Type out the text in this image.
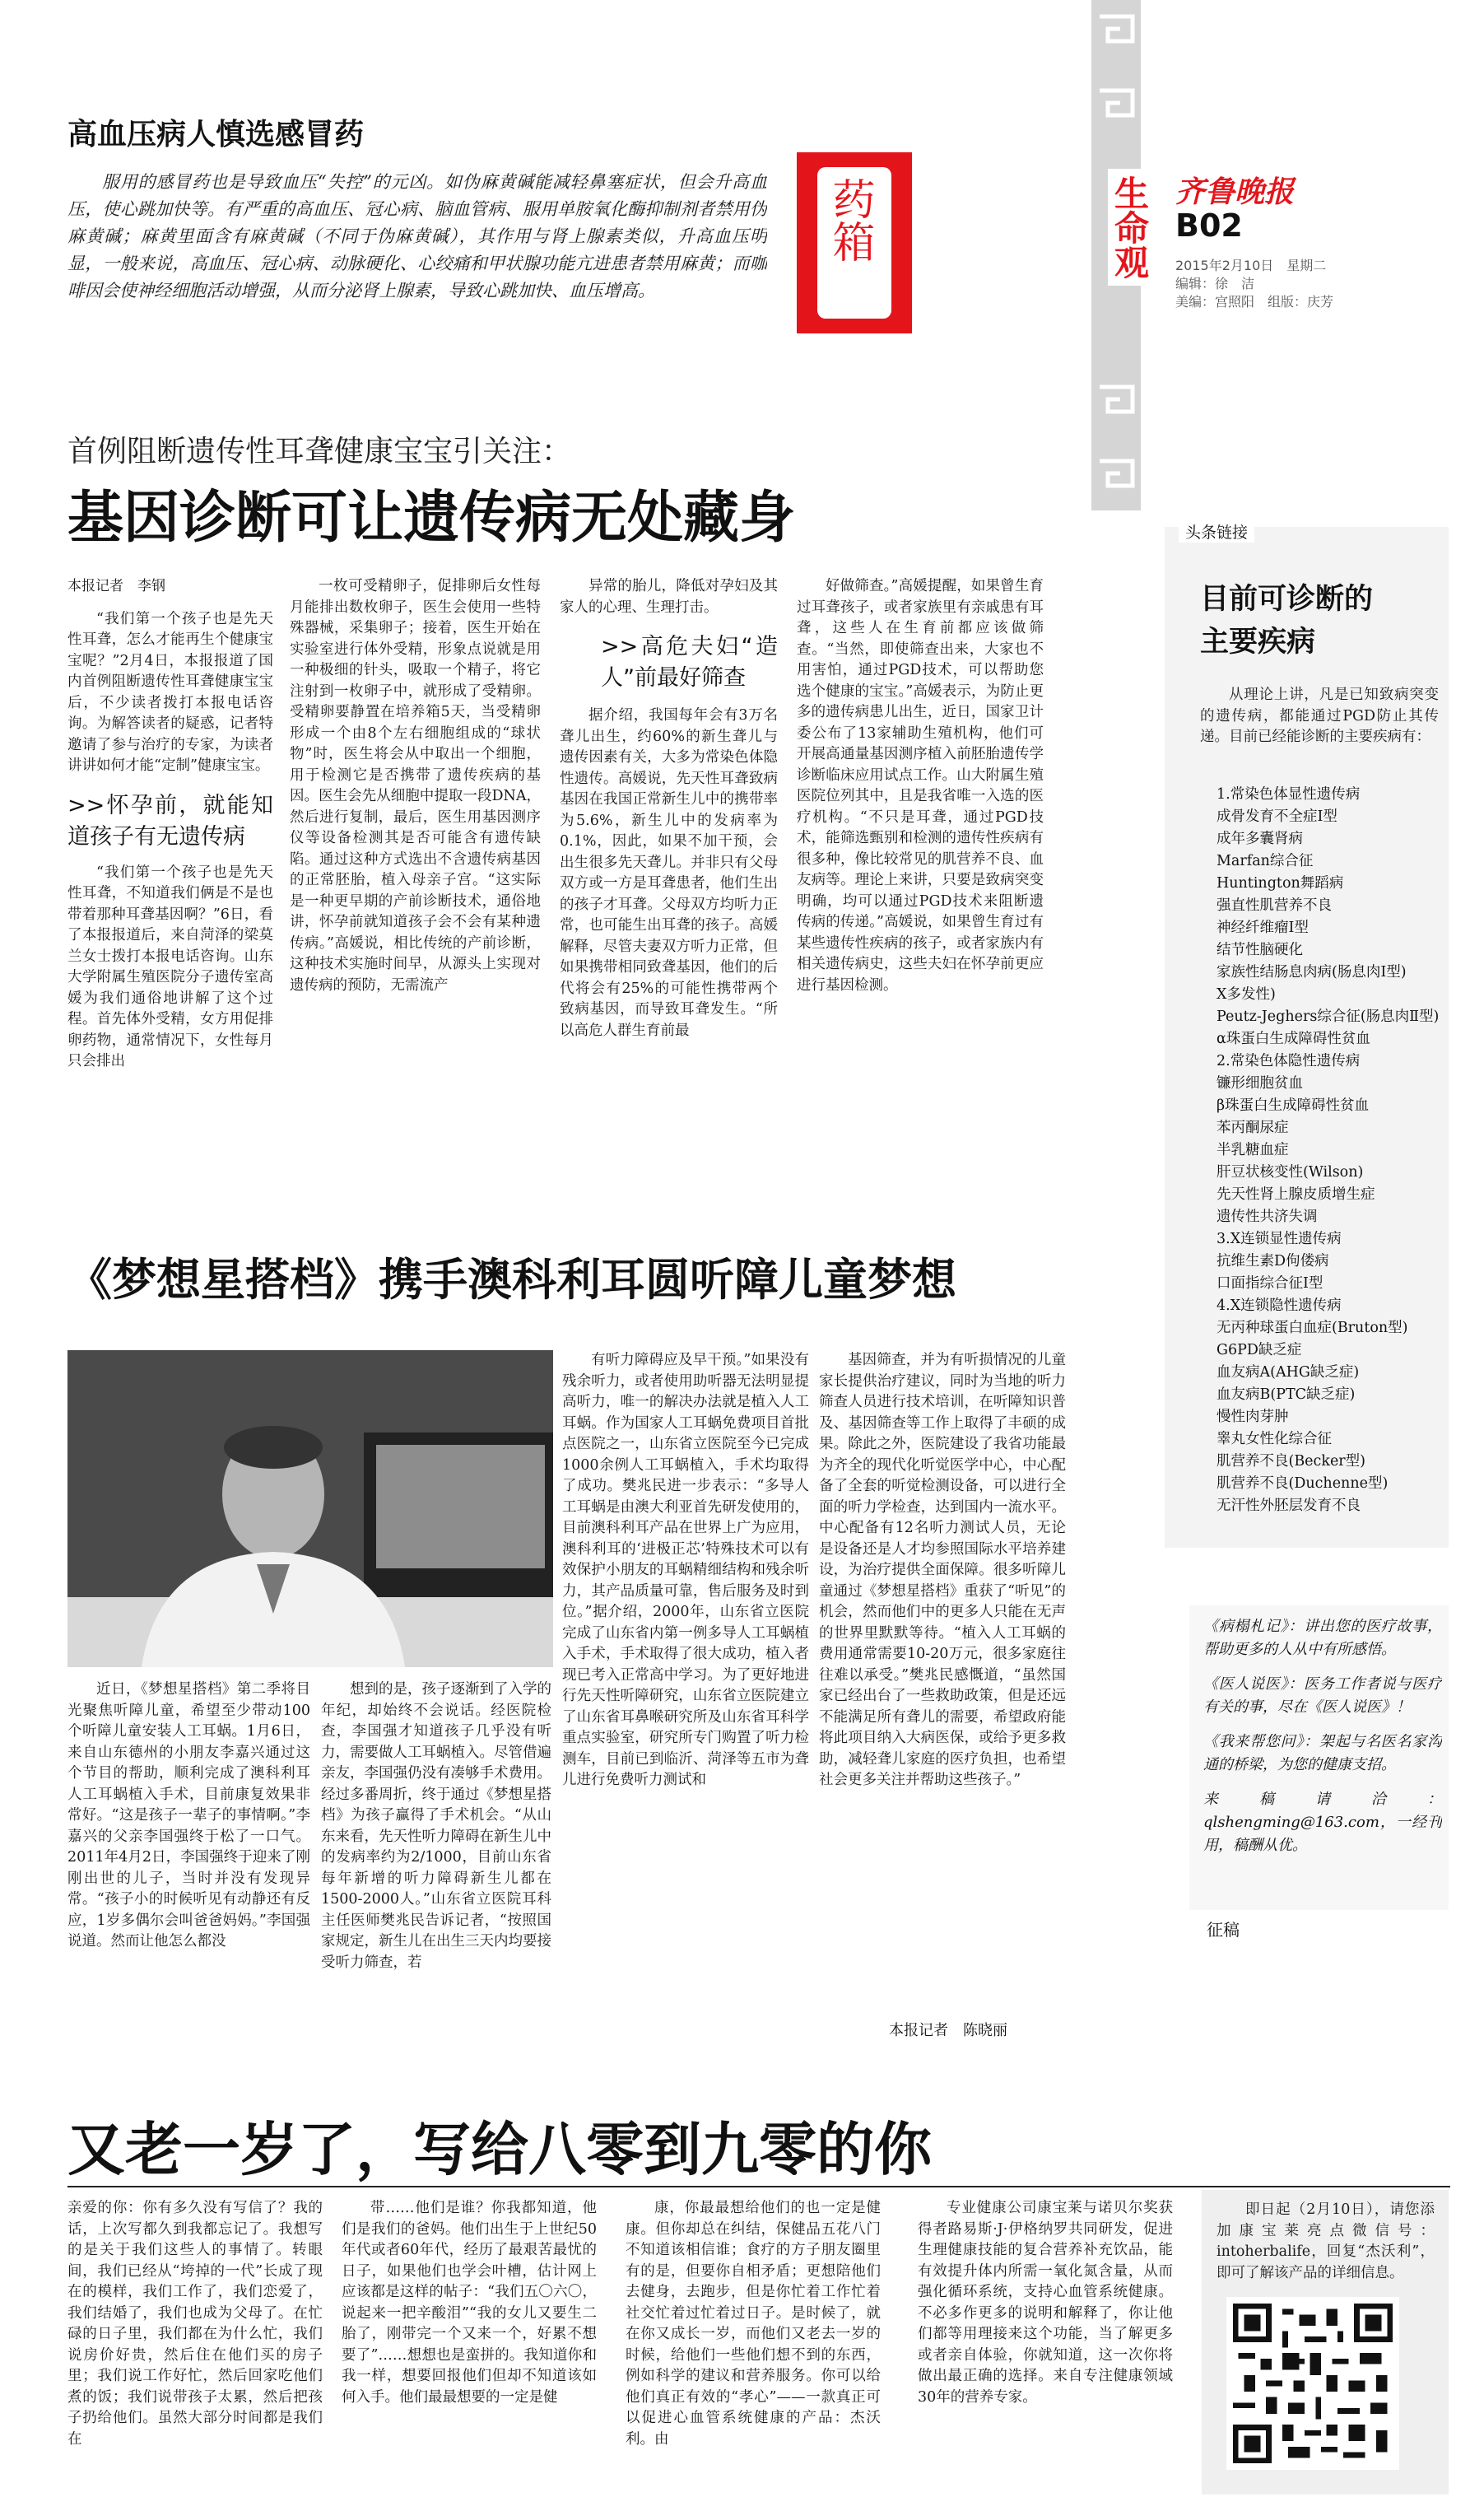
生命观 齐鲁晚报
B02
2015年2月10日　星期二
编辑：徐　洁
美编：宫照阳　组版：庆芳
药箱
高血压病人慎选感冒药

服用的感冒药也是导致血压“失控”的元凶。如伪麻黄碱能减轻鼻塞症状，但会升高血压，使心跳加快等。有严重的高血压、冠心病、脑血管病、服用单胺氧化酶抑制剂者禁用伪麻黄碱；麻黄里面含有麻黄碱（不同于伪麻黄碱），其作用与肾上腺素类似，升高血压明显，一般来说，高血压、冠心病、动脉硬化、心绞痛和甲状腺功能亢进患者禁用麻黄；而咖啡因会使神经细胞活动增强，从而分泌肾上腺素，导致心跳加快、血压增高。

首例阻断遗传性耳聋健康宝宝引关注：
基因诊断可让遗传病无处藏身

本报记者　李钢

“我们第一个孩子也是先天性耳聋，怎么才能再生个健康宝宝呢？”2月4日，本报报道了国内首例阻断遗传性耳聋健康宝宝后，不少读者拨打本报电话咨询。为解答读者的疑惑，记者特邀请了参与治疗的专家，为读者讲讲如何才能“定制”健康宝宝。

>>怀孕前，就能知道孩子有无遗传病

“我们第一个孩子也是先天性耳聋，不知道我们俩是不是也带着那种耳聋基因啊？”6日，看了本报报道后，来自菏泽的梁莫兰女士拨打本报电话咨询。山东大学附属生殖医院分子遗传室高媛为我们通俗地讲解了这个过程。首先体外受精，女方用促排卵药物，通常情况下，女性每月只会排出

一枚可受精卵子，促排卵后女性每月能排出数枚卵子，医生会使用一些特殊器械，采集卵子；接着，医生开始在实验室进行体外受精，形象点说就是用一种极细的针头，吸取一个精子，将它注射到一枚卵子中，就形成了受精卵。受精卵要静置在培养箱5天，当受精卵形成一个由8个左右细胞组成的“球状物”时，医生将会从中取出一个细胞，用于检测它是否携带了遗传疾病的基因。医生会先从细胞中提取一段DNA，然后进行复制，最后，医生用基因测序仪等设备检测其是否可能含有遗传缺陷。通过这种方式选出不含遗传病基因的正常胚胎，植入母亲子宫。“这实际是一种更早期的产前诊断技术，通俗地讲，怀孕前就知道孩子会不会有某种遗传病。”高媛说，相比传统的产前诊断，这种技术实施时间早，从源头上实现对遗传病的预防，无需流产

异常的胎儿，降低对孕妇及其家人的心理、生理打击。

>>高危夫妇“造人”前最好筛查

据介绍，我国每年会有3万名聋儿出生，约60%的新生聋儿与遗传因素有关，大多为常染色体隐性遗传。高媛说，先天性耳聋致病基因在我国正常新生儿中的携带率为5.6%，新生儿中的发病率为0.1%，因此，如果不加干预，会出生很多先天聋儿。并非只有父母双方或一方是耳聋患者，他们生出的孩子才耳聋。父母双方均听力正常，也可能生出耳聋的孩子。高媛解释，尽管夫妻双方听力正常，但如果携带相同致聋基因，他们的后代将会有25%的可能性携带两个致病基因，而导致耳聋发生。“所以高危人群生育前最

好做筛查。”高媛提醒，如果曾生育过耳聋孩子，或者家族里有亲戚患有耳聋，这些人在生育前都应该做筛查。“当然，即使筛查出来，大家也不用害怕，通过PGD技术，可以帮助您选个健康的宝宝。”高媛表示，为防止更多的遗传病患儿出生，近日，国家卫计委公布了13家辅助生殖机构，他们可开展高通量基因测序植入前胚胎遗传学诊断临床应用试点工作。山大附属生殖医院位列其中，且是我省唯一入选的医疗机构。“不只是耳聋，通过PGD技术，能筛选甄别和检测的遗传性疾病有很多种，像比较常见的肌营养不良、血友病等。理论上来讲，只要是致病突变明确，均可以通过PGD技术来阻断遗传病的传递。”高媛说，如果曾生育过有某些遗传性疾病的孩子，或者家族内有相关遗传病史，这些夫妇在怀孕前更应进行基因检测。

头条链接
目前可诊断的
主要疾病

从理论上讲，凡是已知致病突变的遗传病，都能通过PGD防止其传递。目前已经能诊断的主要疾病有：

1.常染色体显性遗传病
成骨发育不全症Ⅰ型
成年多囊肾病
Marfan综合征
Huntington舞蹈病
强直性肌营养不良
神经纤维瘤Ⅰ型
结节性脑硬化
家族性结肠息肉病(肠息肉Ⅰ型)
X多发性)
Peutz-Jeghers综合征(肠息肉Ⅱ型)
α珠蛋白生成障碍性贫血
2.常染色体隐性遗传病
镰形细胞贫血
β珠蛋白生成障碍性贫血
苯丙酮尿症
半乳糖血症
肝豆状核变性(Wilson)
先天性肾上腺皮质增生症
遗传性共济失调
3.X连锁显性遗传病
抗维生素D佝偻病
口面指综合征Ⅰ型
4.X连锁隐性遗传病
无丙种球蛋白血症(Bruton型)
G6PD缺乏症
血友病A(AHG缺乏症)
血友病B(PTC缺乏症)
慢性肉芽肿
睾丸女性化综合征
肌营养不良(Becker型)
肌营养不良(Duchenne型)
无汗性外胚层发育不良
《梦想星搭档》携手澳科利耳圆听障儿童梦想

近日，《梦想星搭档》第二季将目光聚焦听障儿童，希望至少带动100个听障儿童安装人工耳蜗。1月6日，来自山东德州的小朋友李嘉兴通过这个节目的帮助，顺利完成了澳科利耳人工耳蜗植入手术，目前康复效果非常好。“这是孩子一辈子的事情啊。”李嘉兴的父亲李国强终于松了一口气。2011年4月2日，李国强终于迎来了刚刚出世的儿子，当时并没有发现异常。“孩子小的时候听见有动静还有反应，1岁多偶尔会叫爸爸妈妈。”李国强说道。然而让他怎么都没

想到的是，孩子逐渐到了入学的年纪，却始终不会说话。经医院检查，李国强才知道孩子几乎没有听力，需要做人工耳蜗植入。尽管借遍亲友，李国强仍没有凑够手术费用。经过多番周折，终于通过《梦想星搭档》为孩子赢得了手术机会。“从山东来看，先天性听力障碍在新生儿中的发病率约为2/1000，目前山东省每年新增的听力障碍新生儿都在1500-2000人。”山东省立医院耳科主任医师樊兆民告诉记者，“按照国家规定，新生儿在出生三天内均要接受听力筛查，若

有听力障碍应及早干预。”如果没有残余听力，或者使用助听器无法明显提高听力，唯一的解决办法就是植入人工耳蜗。作为国家人工耳蜗免费项目首批点医院之一，山东省立医院至今已完成1000余例人工耳蜗植入，手术均取得了成功。樊兆民进一步表示：“多导人工耳蜗是由澳大利亚首先研发使用的，目前澳科利耳产品在世界上广为应用，澳科利耳的‘进极正芯’特殊技术可以有效保护小朋友的耳蜗精细结构和残余听力，其产品质量可靠，售后服务及时到位。”据介绍，2000年，山东省立医院完成了山东省内第一例多导人工耳蜗植入手术，手术取得了很大成功，植入者现已考入正常高中学习。为了更好地进行先天性听障研究，山东省立医院建立了山东省耳鼻喉研究所及山东省耳科学重点实验室，研究所专门购置了听力检测车，目前已到临沂、菏泽等五市为聋儿进行免费听力测试和

基因筛查，并为有听损情况的儿童家长提供治疗建议，同时为当地的听力筛查人员进行技术培训，在听障知识普及、基因筛查等工作上取得了丰硕的成果。除此之外，医院建设了我省功能最为齐全的现代化听觉医学中心，中心配备了全套的听觉检测设备，可以进行全面的听力学检查，达到国内一流水平。中心配备有12名听力测试人员，无论是设备还是人才均参照国际水平培养建设，为治疗提供全面保障。很多听障儿童通过《梦想星搭档》重获了“听见”的机会，然而他们中的更多人只能在无声的世界里默默等待。“植入人工耳蜗的费用通常需要10-20万元，很多家庭往往难以承受。”樊兆民感慨道，“虽然国家已经出台了一些救助政策，但是还远不能满足所有聋儿的需要，希望政府能将此项目纳入大病医保，或给予更多救助，减轻聋儿家庭的医疗负担，也希望社会更多关注并帮助这些孩子。”

本报记者　陈晓丽

《病榻札记》：讲出您的医疗故事，帮助更多的人从中有所感悟。

《医人说医》：医务工作者说与医疗有关的事，尽在《医人说医》！

《我来帮您问》：架起与名医名家沟通的桥梁，为您的健康支招。

来稿请洽：qlshengming@163.com，一经刊用，稿酬从优。

征稿
又老一岁了，写给八零到九零的你

亲爱的你：你有多久没有写信了？我的话，上次写都久到我都忘记了。我想写的是关于我们这些人的事情了。转眼间，我们已经从“垮掉的一代”长成了现在的模样，我们工作了，我们恋爱了，我们结婚了，我们也成为父母了。在忙碌的日子里，我们都在为什么忙，我们说房价好贵，然后住在他们买的房子里；我们说工作好忙，然后回家吃他们煮的饭；我们说带孩子太累，然后把孩子扔给他们。虽然大部分时间都是我们在

带……他们是谁？你我都知道，他们是我们的爸妈。他们出生于上世纪50年代或者60年代，经历了最艰苦最忧的日子，如果他们也学会叶槽，估计网上应该都是这样的帖子：“我们五〇六〇，说起来一把辛酸泪”“我的女儿又要生二胎了，刚带完一个又来一个，好累不想要了”……想想也是蛮拼的。我知道你和我一样，想要回报他们但却不知道该如何入手。他们最最想要的一定是健

康，你最最想给他们的也一定是健康。但你却总在纠结，保健品五花八门不知道该相信谁；食疗的方子朋友圈里有的是，但要你自相矛盾；更想陪他们去健身，去跑步，但是你忙着工作忙着社交忙着过忙着过日子。是时候了，就在你又成长一岁，而他们又老去一岁的时候，给他们一些他们想不到的东西，例如科学的建议和营养服务。你可以给他们真正有效的“孝心”——一款真正可以促进心血管系统健康的产品：杰沃利。由

专业健康公司康宝莱与诺贝尔奖获得者路易斯·J·伊格纳罗共同研发，促进生理健康技能的复合营养补充饮品，能有效提升体内所需一氧化氮含量，从而强化循环系统，支持心血管系统健康。不必多作更多的说明和解释了，你让他们都等用理接来这个功能，当了解更多或者亲自体验，你就知道，这一次你将做出最正确的选择。来自专注健康领域30年的营养专家。

即日起（2月10日），请您添加康宝莱亮点微信号：intoherbalife，回复“杰沃利”，即可了解该产品的详细信息。
